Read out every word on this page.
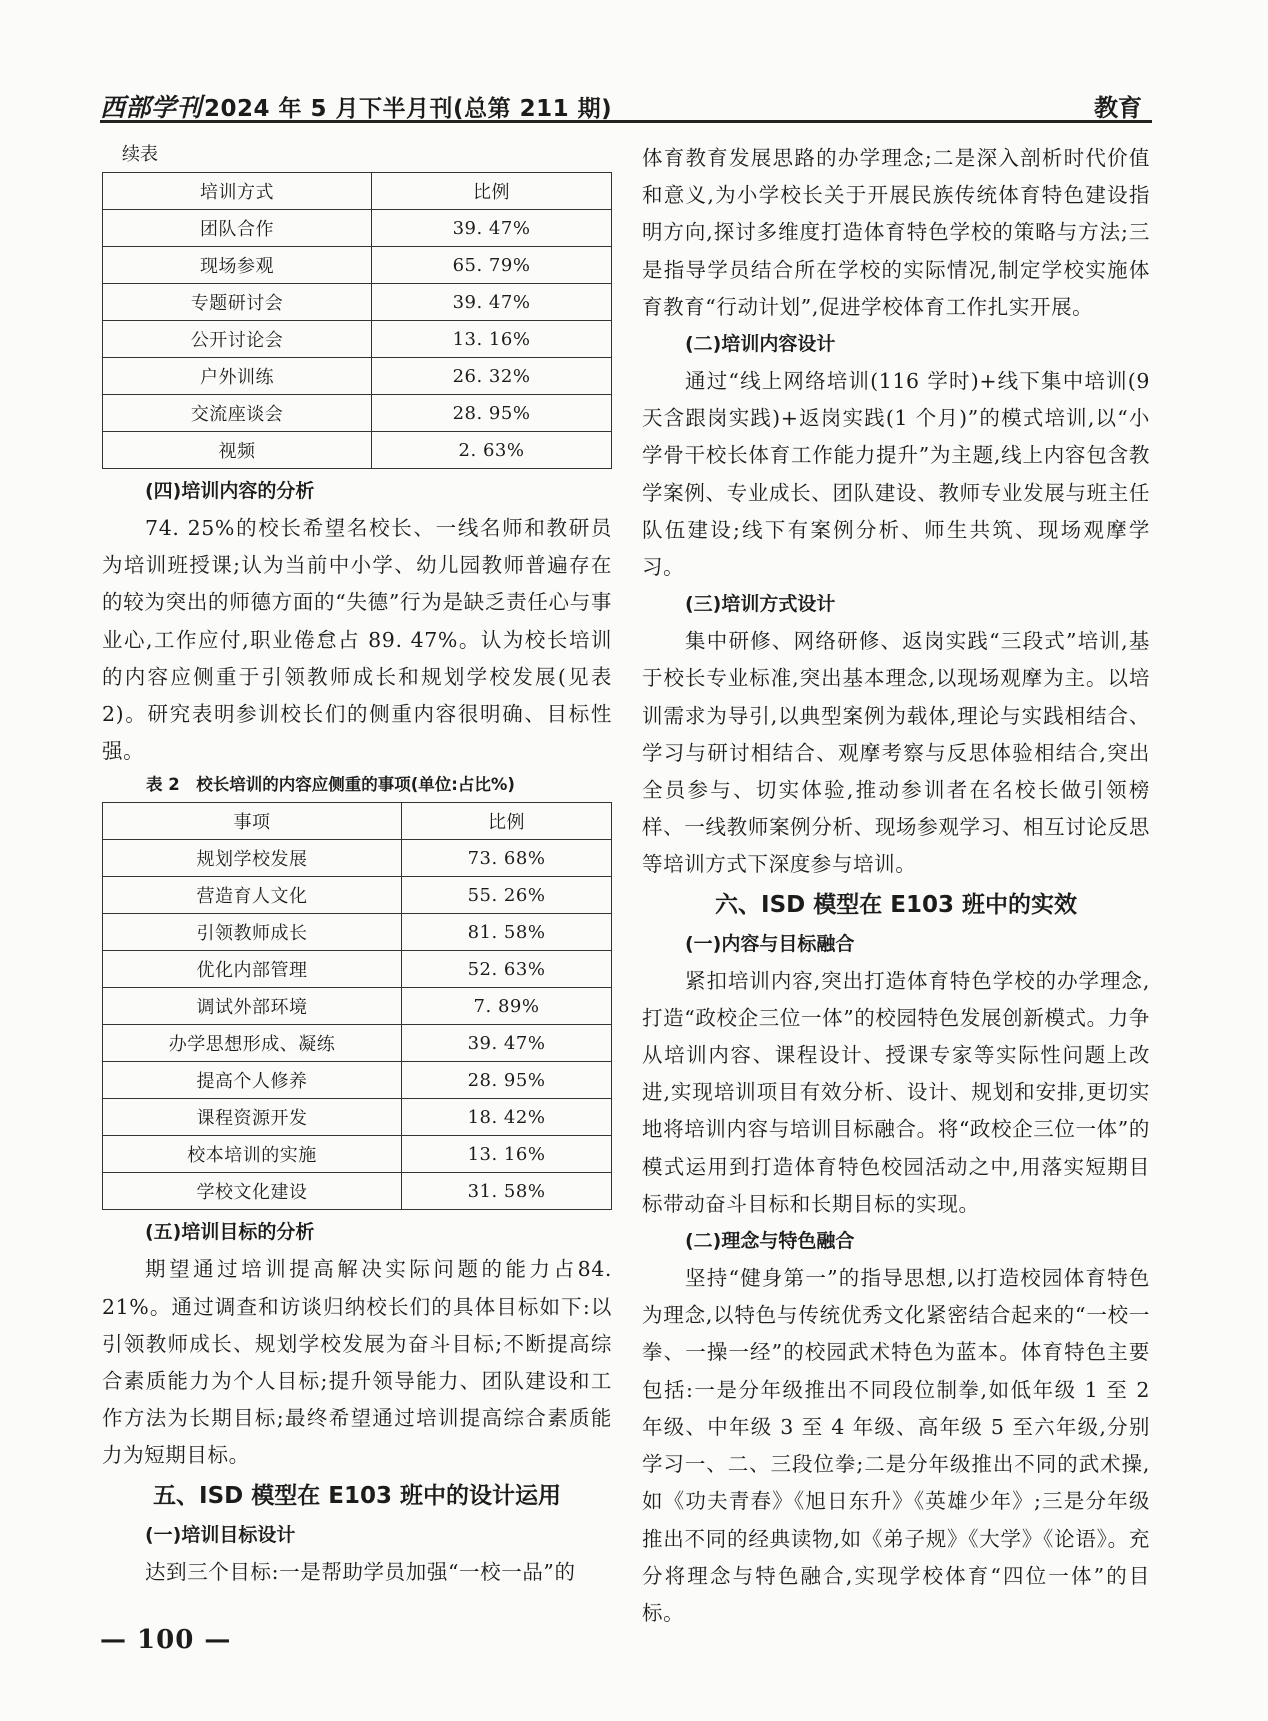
西部学刊2024 年 5 月下半月刊(总第 211 期)	教育

续表

培训方式	比例
团队合作	39. 47%
现场参观	65. 79%
专题研讨会	39. 47%
公开讨论会	13. 16%
户外训练	26. 32%
交流座谈会	28. 95%
视频	2. 63%
(四)培训内容的分析

74. 25%的校长希望名校长、一线名师和教研员为培训班授课;认为当前中小学、幼儿园教师普遍存在的较为突出的师德方面的“失德”行为是缺乏责任心与事业心,工作应付,职业倦怠占 89. 47%。认为校长培训的内容应侧重于引领教师成长和规划学校发展(见表 2)。研究表明参训校长们的侧重内容很明确、目标性强。

表 2　校长培训的内容应侧重的事项(单位:占比%)

事项	比例
规划学校发展	73. 68%
营造育人文化	55. 26%
引领教师成长	81. 58%
优化内部管理	52. 63%
调试外部环境	7. 89%
办学思想形成、凝练	39. 47%
提高个人修养	28. 95%
课程资源开发	18. 42%
校本培训的实施	13. 16%
学校文化建设	31. 58%
(五)培训目标的分析

期望通过培训提高解决实际问题的能力占84. 21%。通过调查和访谈归纳校长们的具体目标如下:以引领教师成长、规划学校发展为奋斗目标;不断提高综合素质能力为个人目标;提升领导能力、团队建设和工作方法为长期目标;最终希望通过培训提高综合素质能力为短期目标。

五、ISD 模型在 E103 班中的设计运用
(一)培训目标设计

达到三个目标:一是帮助学员加强“一校一品”的

体育教育发展思路的办学理念;二是深入剖析时代价值和意义,为小学校长关于开展民族传统体育特色建设指明方向,探讨多维度打造体育特色学校的策略与方法;三是指导学员结合所在学校的实际情况,制定学校实施体育教育“行动计划”,促进学校体育工作扎实开展。

(二)培训内容设计

通过“线上网络培训(116 学时)+线下集中培训(9 天含跟岗实践)+返岗实践(1 个月)”的模式培训,以“小学骨干校长体育工作能力提升”为主题,线上内容包含教学案例、专业成长、团队建设、教师专业发展与班主任队伍建设;线下有案例分析、师生共筑、现场观摩学习。

(三)培训方式设计

集中研修、网络研修、返岗实践“三段式”培训,基于校长专业标准,突出基本理念,以现场观摩为主。以培训需求为导引,以典型案例为载体,理论与实践相结合、学习与研讨相结合、观摩考察与反思体验相结合,突出全员参与、切实体验,推动参训者在名校长做引领榜样、一线教师案例分析、现场参观学习、相互讨论反思等培训方式下深度参与培训。

六、ISD 模型在 E103 班中的实效
(一)内容与目标融合

紧扣培训内容,突出打造体育特色学校的办学理念,打造“政校企三位一体”的校园特色发展创新模式。力争从培训内容、课程设计、授课专家等实际性问题上改进,实现培训项目有效分析、设计、规划和安排,更切实地将培训内容与培训目标融合。将“政校企三位一体”的模式运用到打造体育特色校园活动之中,用落实短期目标带动奋斗目标和长期目标的实现。

(二)理念与特色融合

坚持“健身第一”的指导思想,以打造校园体育特色为理念,以特色与传统优秀文化紧密结合起来的“一校一拳、一操一经”的校园武术特色为蓝本。体育特色主要包括:一是分年级推出不同段位制拳,如低年级 1 至 2 年级、中年级 3 至 4 年级、高年级 5 至六年级,分别学习一、二、三段位拳;二是分年级推出不同的武术操,如《功夫青春》《旭日东升》《英雄少年》;三是分年级推出不同的经典读物,如《弟子规》《大学》《论语》。充分将理念与特色融合,实现学校体育“四位一体”的目标。

— 100 —
